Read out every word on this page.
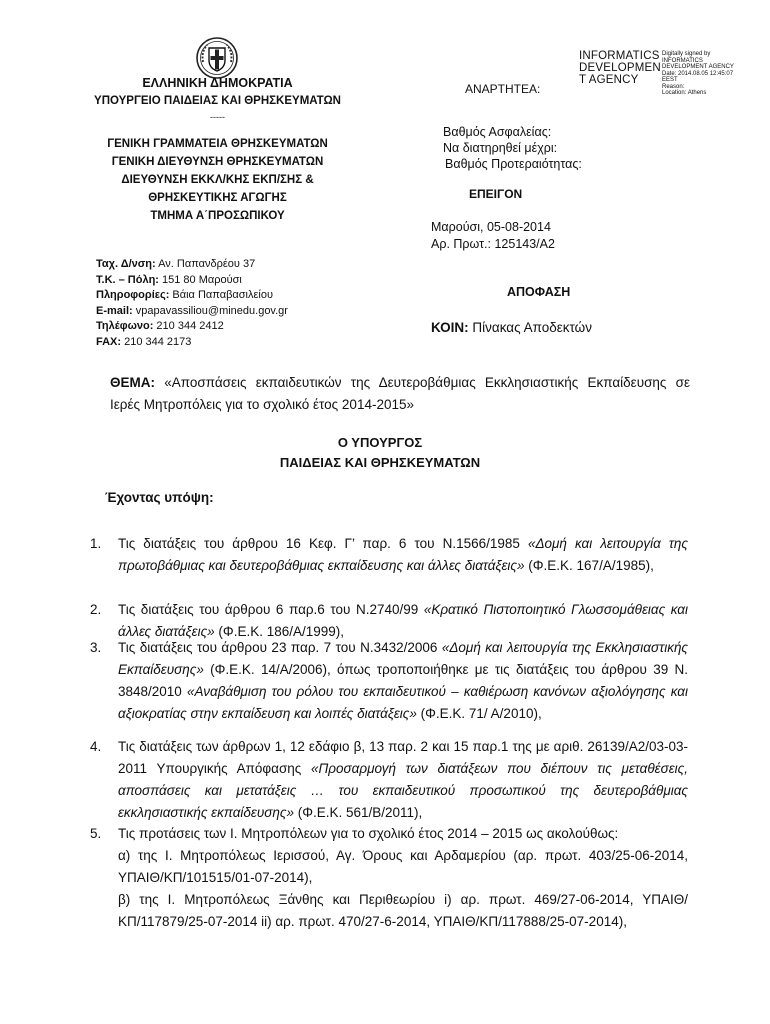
ΕΛΛΗΝΙΚΗ ΔΗΜΟΚΡΑΤΙΑ
ΥΠΟΥΡΓΕΙΟ ΠΑΙΔΕΙΑΣ ΚΑΙ ΘΡΗΣΚΕΥΜΑΤΩΝ
-----
ΓΕΝΙΚΗ ΓΡΑΜΜΑΤΕΙΑ ΘΡΗΣΚΕΥΜΑΤΩΝ
ΓΕΝΙΚΗ ΔΙΕΥΘΥΝΣΗ ΘΡΗΣΚΕΥΜΑΤΩΝ
ΔΙΕΥΘΥΝΣΗ ΕΚΚΛ/ΚΗΣ ΕΚΠ/ΣΗΣ &
ΘΡΗΣΚΕΥΤΙΚΗΣ ΑΓΩΓΗΣ
ΤΜΗΜΑ Α΄ΠΡΟΣΩΠΙΚΟΥ
ΑΝΑΡΤΗΤΕΑ:
INFORMATICS
DEVELOPMEN
T AGENCY
Digitally signed by
INFORMATICS
DEVELOPMENT AGENCY
Date: 2014.08.05 12:45:07
EEST
Reason:
Location: Athens
Βαθμός Ασφαλείας:
Να διατηρηθεί μέχρι:
Βαθμός Προτεραιότητας:
ΕΠΕΙΓΟΝ
Μαρούσι, 05-08-2014
Αρ. Πρωτ.: 125143/Α2
ΑΠΟΦΑΣΗ
ΚΟΙΝ: Πίνακας Αποδεκτών
Ταχ. Δ/νση: Αν. Παπανδρέου 37
Τ.Κ. – Πόλη: 151 80 Μαρούσι
Πληροφορίες: Βάια Παπαβασιλείου
E-mail: vpapavassiliou@minedu.gov.gr
Τηλέφωνο: 210 344 2412
FAX: 210 344 2173
ΘΕΜΑ: «Αποσπάσεις εκπαιδευτικών της Δευτεροβάθμιας Εκκλησιαστικής Εκπαίδευσης σε
Ιερές Μητροπόλεις για το σχολικό έτος 2014-2015»
Ο ΥΠΟΥΡΓΟΣ
ΠΑΙΔΕΙΑΣ ΚΑΙ ΘΡΗΣΚΕΥΜΑΤΩΝ
Έχοντας υπόψη:
1. Τις διατάξεις του άρθρου 16 Κεφ. Γ’ παρ. 6 του Ν.1566/1985 «Δομή και λειτουργία της πρωτοβάθμιας και δευτεροβάθμιας εκπαίδευσης και άλλες διατάξεις» (Φ.Ε.Κ. 167/Α/1985),
2. Τις διατάξεις του άρθρου 6 παρ.6 του Ν.2740/99 «Κρατικό Πιστοποιητικό Γλωσσομάθειας και άλλες διατάξεις» (Φ.Ε.Κ. 186/Α/1999),
3. Τις διατάξεις του άρθρου 23 παρ. 7 του Ν.3432/2006 «Δομή και λειτουργία της Εκκλησιαστικής Εκπαίδευσης» (Φ.Ε.Κ. 14/Α/2006), όπως τροποποιήθηκε με τις διατάξεις του άρθρου 39 Ν. 3848/2010 «Αναβάθμιση του ρόλου του εκπαιδευτικού – καθιέρωση κανόνων αξιολόγησης και αξιοκρατίας στην εκπαίδευση και λοιπές διατάξεις» (Φ.Ε.Κ. 71/ Α/2010),
4. Τις διατάξεις των άρθρων 1, 12 εδάφιο β, 13 παρ. 2 και 15 παρ.1 της με αριθ. 26139/Α2/03-03-2011 Υπουργικής Απόφασης «Προσαρμογή των διατάξεων που διέπουν τις μεταθέσεις, αποσπάσεις και μετατάξεις … του εκπαιδευτικού προσωπικού της δευτεροβάθμιας εκκλησιαστικής εκπαίδευσης» (Φ.Ε.Κ. 561/Β/2011),
5. Τις προτάσεις των Ι. Μητροπόλεων για το σχολικό έτος 2014 – 2015 ως ακολούθως:
α) της Ι. Μητροπόλεως Ιερισσού, Αγ. Όρους και Αρδαμερίου (αρ. πρωτ. 403/25-06-2014, ΥΠΑΙΘ/ΚΠ/101515/01-07-2014),
β) της Ι. Μητροπόλεως Ξάνθης και Περιθεωρίου i) αρ. πρωτ. 469/27-06-2014, ΥΠΑΙΘ/ΚΠ/117879/25-07-2014 ii) αρ. πρωτ. 470/27-6-2014, ΥΠΑΙΘ/ΚΠ/117888/25-07-2014),
